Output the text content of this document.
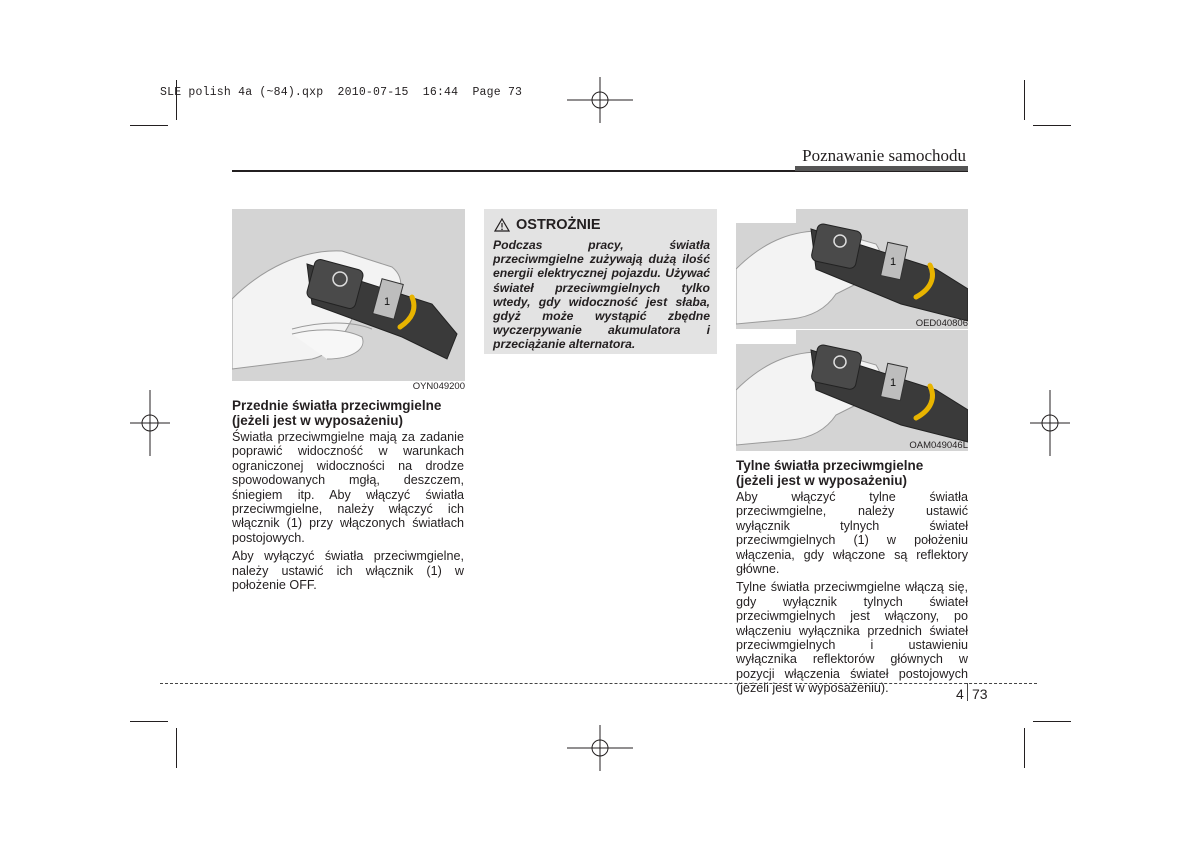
SLE polish 4a (~84).qxp  2010-07-15  16:44  Page 73
Poznawanie samochodu
1
OYN049200
Przednie światła przeciwmgielne
(jeżeli jest w wyposażeniu)

Światła przeciwmgielne mają za zadanie poprawić widoczność w warunkach ograniczonej widoczności na drodze spowodowanych mgłą, deszczem, śniegiem itp. Aby włączyć światła przeciwmgielne, należy włączyć ich włącznik (1) przy włączonych światłach postojowych.

Aby wyłączyć światła przeciwmgielne, należy ustawić ich włącznik (1) w położenie OFF.

OSTROŻNIE
Podczas pracy, światła przeciwmgielne zużywają dużą ilość energii elektrycznej pojazdu. Używać świateł przeciwmgielnych tylko wtedy, gdy widoczność jest słaba, gdyż może wystąpić zbędne wyczerpywanie akumulatora i przeciążanie alternatora.
1
OED040806
1
OAM049046L
Tylne światła przeciwmgielne
(jeżeli jest w wyposażeniu)

Aby włączyć tylne światła przeciwmgielne, należy ustawić wyłącznik tylnych świateł przeciwmgielnych (1) w położeniu włączenia, gdy włączone są reflektory główne.

Tylne światła przeciwmgielne włączą się, gdy wyłącznik tylnych świateł przeciwmgielnych jest włączony, po włączeniu wyłącznika przednich świateł przeciwmgielnych i ustawieniu wyłącznika reflektorów głównych w pozycji włączenia świateł postojowych (jeżeli jest w wyposażeniu).	4 73
